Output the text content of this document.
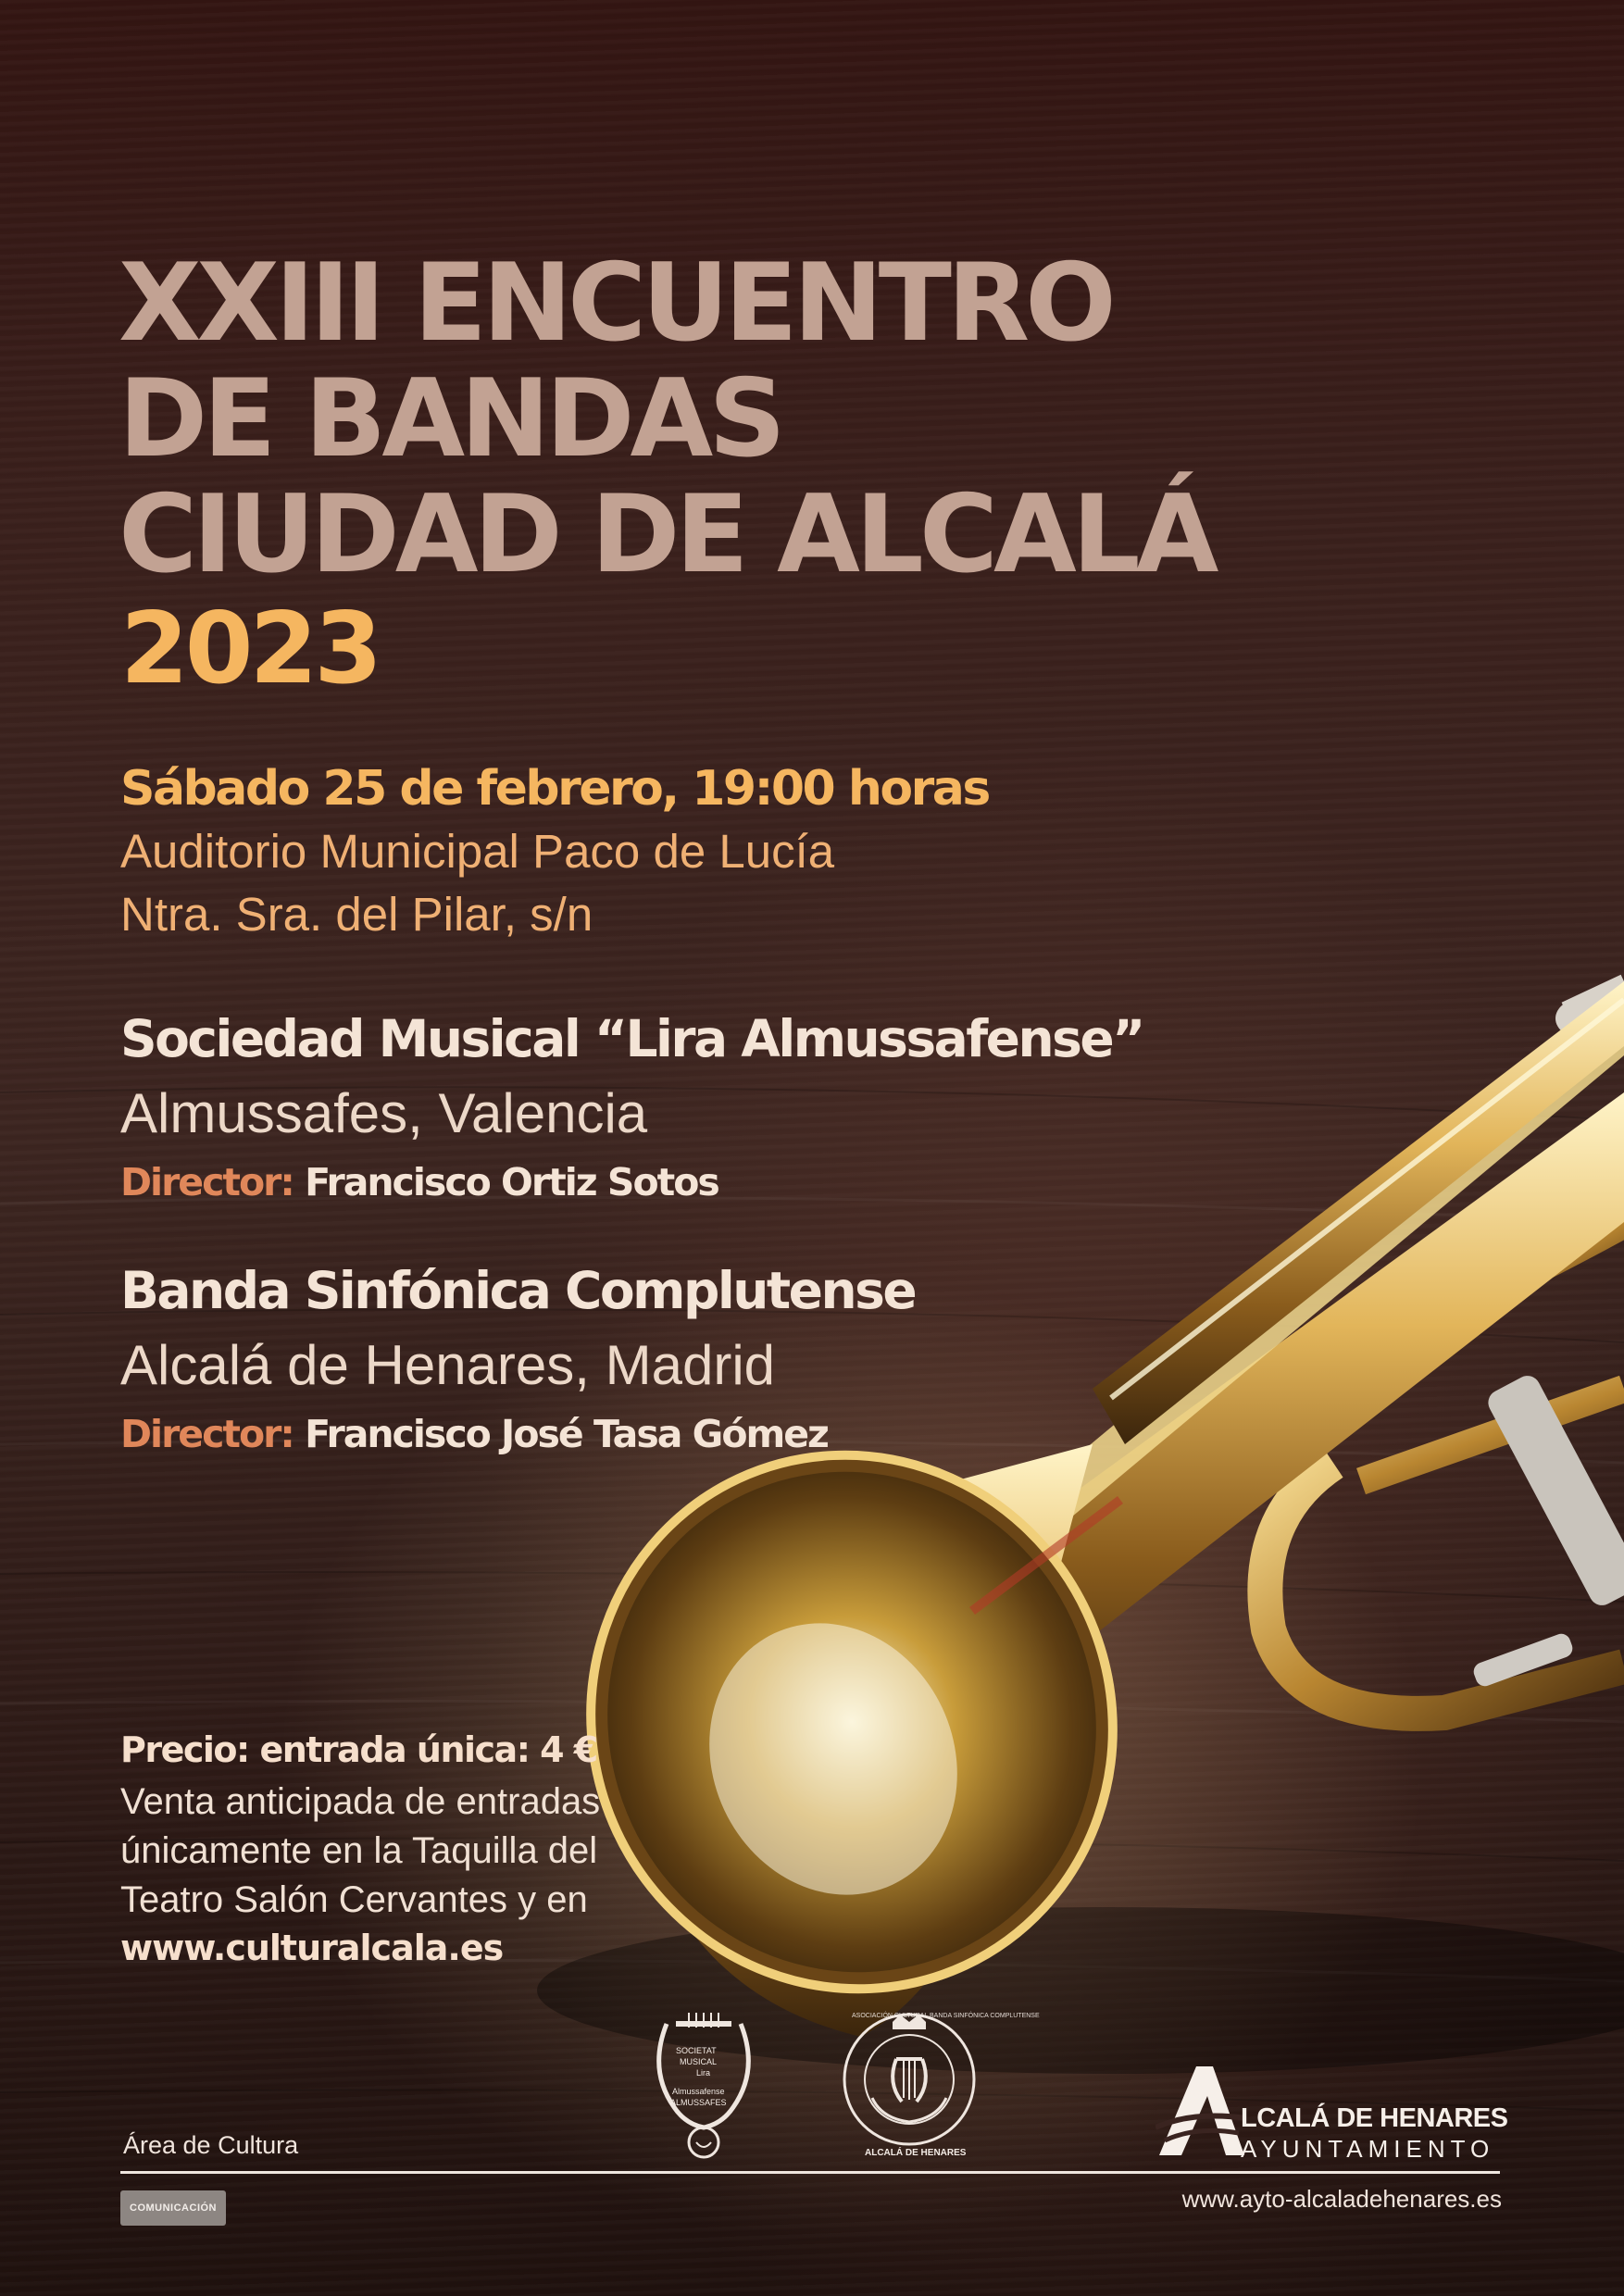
XXIII ENCUENTRO
DE BANDAS
CIUDAD DE ALCALÁ
2023
Sábado 25 de febrero, 19:00 horas
Auditorio Municipal Paco de Lucía
Ntra. Sra. del Pilar, s/n
Sociedad Musical “Lira Almussafense”
Almussafes, Valencia
Director: Francisco Ortiz Sotos
Banda Sinfónica Complutense
Alcalá de Henares, Madrid
Director: Francisco José Tasa Gómez
Precio: entrada única: 4 €
Venta anticipada de entradas
únicamente en la Taquilla del
Teatro Salón Cervantes y en
www.culturalcala.es
SOCIETAT
MUSICAL
Lira
Almussafense
ALMUSSAFES
ALCALÁ DE HENARES
ASOCIACIÓN CULTURAL BANDA SINFÓNICA COMPLUTENSE
LCALÁ DE HENARES
AYUNTAMIENTO
Área de Cultura
COMUNICACIÓN	www.ayto-alcaladehenares.es
